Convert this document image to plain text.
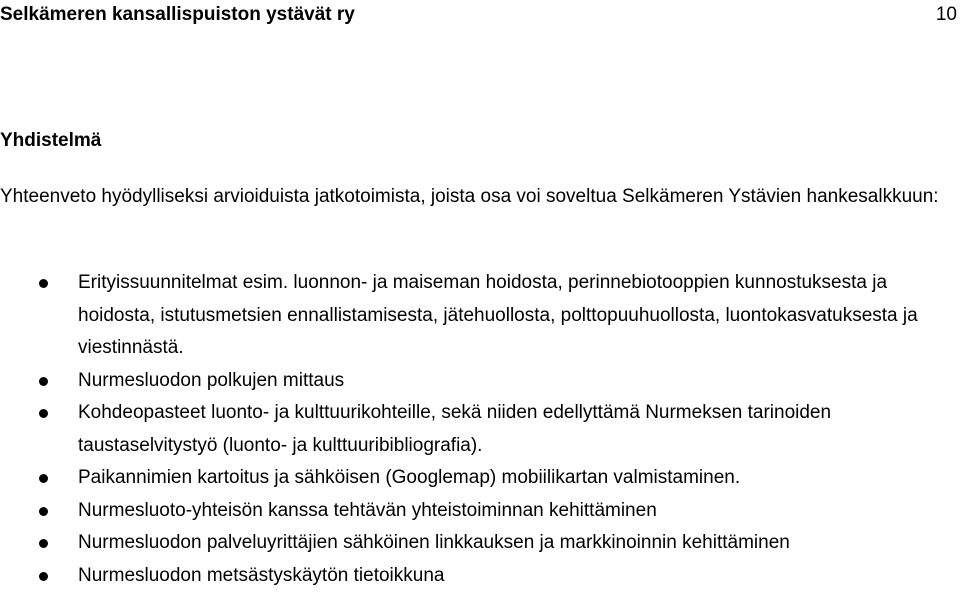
Selkämeren kansallispuiston ystävät ry	10
Yhdistelmä

Yhteenveto hyödylliseksi arvioiduista jatkotoimista, joista osa voi soveltua Selkämeren Ystävien hankesalkkuun:

Erityissuunnitelmat esim. luonnon- ja maiseman hoidosta, perinnebiotooppien kunnostuksesta ja hoidosta, istutusmetsien ennallistamisesta, jätehuollosta, polttopuuhuollosta, luontokasvatuksesta ja viestinnästä.
Nurmesluodon polkujen mittaus
Kohdeopasteet luonto- ja kulttuurikohteille, sekä niiden edellyttämä Nurmeksen tarinoiden taustaselvitystyö (luonto- ja kulttuuribibliografia).
Paikannimien kartoitus ja sähköisen (Googlemap) mobiilikartan valmistaminen.
Nurmesluoto-yhteisön kanssa tehtävän yhteistoiminnan kehittäminen
Nurmesluodon palveluyrittäjien sähköinen linkkauksen ja markkinoinnin kehittäminen
Nurmesluodon metsästyskäytön tietoikkuna
